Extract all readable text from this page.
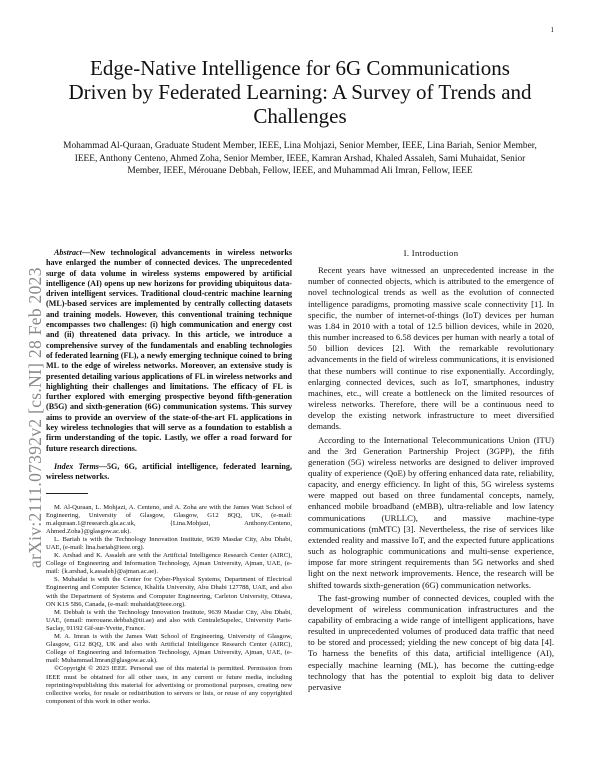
1
arXiv:2111.07392v2 [cs.NI] 28 Feb 2023
Edge-Native Intelligence for 6G Communications Driven by Federated Learning: A Survey of Trends and Challenges
Mohammad Al-Quraan, Graduate Student Member, IEEE, Lina Mohjazi, Senior Member, IEEE, Lina Bariah, Senior Member, IEEE, Anthony Centeno, Ahmed Zoha, Senior Member, IEEE, Kamran Arshad, Khaled Assaleh, Sami Muhaidat, Senior Member, IEEE, Mérouane Debbah, Fellow, IEEE, and Muhammad Ali Imran, Fellow, IEEE

Abstract—New technological advancements in wireless networks have enlarged the number of connected devices. The unprecedented surge of data volume in wireless systems empowered by artificial intelligence (AI) opens up new horizons for providing ubiquitous data-driven intelligent services. Traditional cloud-centric machine learning (ML)-based services are implemented by centrally collecting datasets and training models. However, this conventional training technique encompasses two challenges: (i) high communication and energy cost and (ii) threatened data privacy. In this article, we introduce a comprehensive survey of the fundamentals and enabling technologies of federated learning (FL), a newly emerging technique coined to bring ML to the edge of wireless networks. Moreover, an extensive study is presented detailing various applications of FL in wireless networks and highlighting their challenges and limitations. The efficacy of FL is further explored with emerging prospective beyond fifth-generation (B5G) and sixth-generation (6G) communication systems. This survey aims to provide an overview of the state-of-the-art FL applications in key wireless technologies that will serve as a foundation to establish a firm understanding of the topic. Lastly, we offer a road forward for future research directions.

Index Terms—5G, 6G, artificial intelligence, federated learning, wireless networks.

M. Al-Quraan, L. Mohjazi, A. Centeno, and A. Zoha are with the James Watt School of Engineering, University of Glasgow, Glasgow, G12 8QQ, UK, (e-mail: m.alquraan.1@research.gla.ac.uk, {Lina.Mohjazi, Anthony.Centeno, Ahmed.Zoha}@glasgow.ac.uk).

L. Bariah is with the Technology Innovation Institute, 9639 Masdar City, Abu Dhabi, UAE, (e-mail: lina.bariah@ieee.org).

K. Arshad and K. Assaleh are with the Artificial Intelligence Research Center (AIRC), College of Engineering and Information Technology, Ajman University, Ajman, UAE, (e-mail: {k.arshad, k.assaleh}@ajman.ac.ae).

S. Muhaidat is with the Center for Cyber-Physical Systems, Department of Electrical Engineering and Computer Science, Khalifa University, Abu Dhabi 127788, UAE, and also with the Department of Systems and Computer Engineering, Carleton University, Ottawa, ON K1S 5B6, Canada, (e-mail: muhaidat@ieee.org).

M. Debbah is with the Technology Innovation Institute, 9639 Masdar City, Abu Dhabi, UAE, (email: merouane.debbah@tii.ae) and also with CentraleSupelec, University Paris-Saclay, 91192 Gif-sur-Yvette, France.

M. A. Imran is with the James Watt School of Engineering, University of Glasgow, Glasgow, G12 8QQ, UK and also with Artificial Intelligence Research Center (AIRC), College of Engineering and Information Technology, Ajman University, Ajman, UAE, (e-mail: Muhammad.Imran@glasgow.ac.uk).

©Copyright © 2023 IEEE. Personal use of this material is permitted. Permission from IEEE must be obtained for all other uses, in any current or future media, including reprinting/republishing this material for advertising or promotional purposes, creating new collective works, for resale or redistribution to servers or lists, or reuse of any copyrighted component of this work in other works.

I. Introduction

Recent years have witnessed an unprecedented increase in the number of connected objects, which is attributed to the emergence of novel technological trends as well as the evolution of connected intelligence paradigms, promoting massive scale connectivity [1]. In specific, the number of internet-of-things (IoT) devices per human was 1.84 in 2010 with a total of 12.5 billion devices, while in 2020, this number increased to 6.58 devices per human with nearly a total of 50 billion devices [2]. With the remarkable revolutionary advancements in the field of wireless communications, it is envisioned that these numbers will continue to rise exponentially. Accordingly, enlarging connected devices, such as IoT, smartphones, industry machines, etc., will create a bottleneck on the limited resources of wireless networks. Therefore, there will be a continuous need to develop the existing network infrastructure to meet diversified demands.

According to the International Telecommunications Union (ITU) and the 3rd Generation Partnership Project (3GPP), the fifth generation (5G) wireless networks are designed to deliver improved quality of experience (QoE) by offering enhanced data rate, reliability, capacity, and energy efficiency. In light of this, 5G wireless systems were mapped out based on three fundamental concepts, namely, enhanced mobile broadband (eMBB), ultra-reliable and low latency communications (URLLC), and massive machine-type communications (mMTC) [3]. Nevertheless, the rise of services like extended reality and massive IoT, and the expected future applications such as holographic communications and multi-sense experience, impose far more stringent requirements than 5G networks and shed light on the next network improvements. Hence, the research will be shifted towards sixth-generation (6G) communication networks.

The fast-growing number of connected devices, coupled with the development of wireless communication infrastructures and the capability of embracing a wide range of intelligent applications, have resulted in unprecedented volumes of produced data traffic that need to be stored and processed; yielding the new concept of big data [4]. To harness the benefits of this data, artificial intelligence (AI), especially machine learning (ML), has become the cutting-edge technology that has the potential to exploit big data to deliver pervasive
